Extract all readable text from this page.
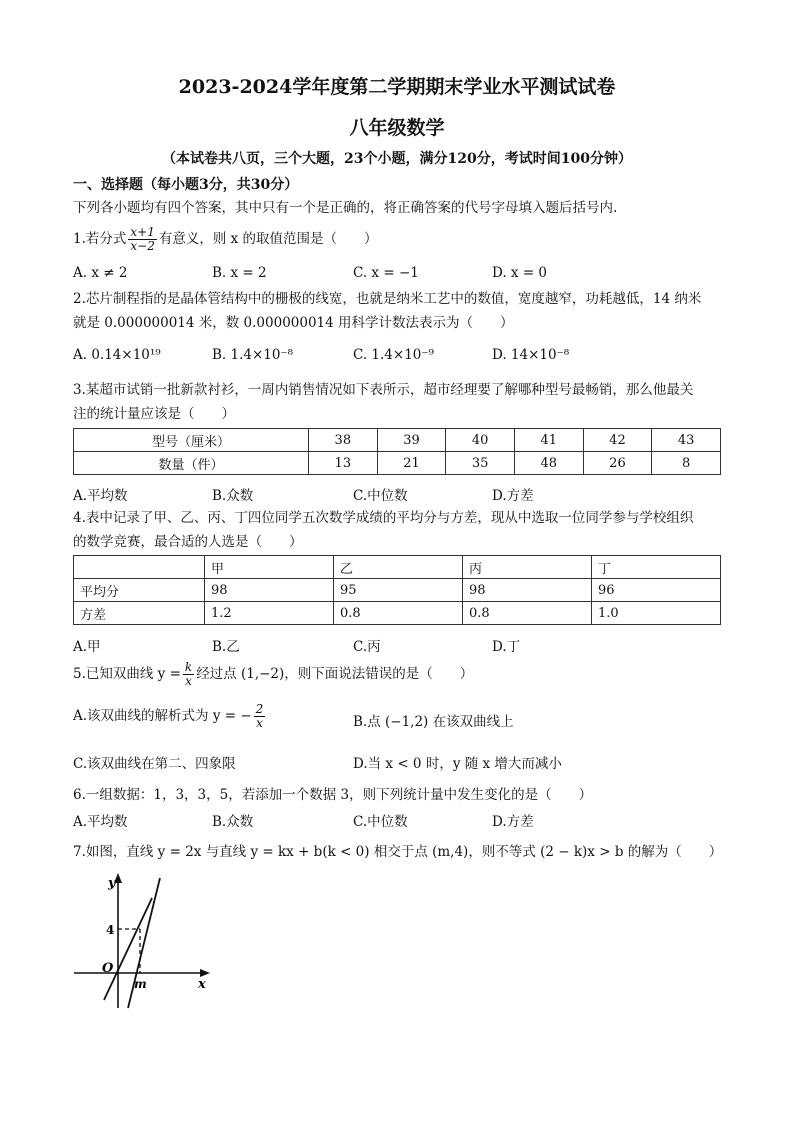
2023-2024学年度第二学期期末学业水平测试试卷
八年级数学
（本试卷共八页，三个大题，23个小题，满分120分，考试时间100分钟）
一、选择题（每小题3分，共30分）
下列各小题均有四个答案，其中只有一个是正确的，将正确答案的代号字母填入题后括号内.
1.若分式 $\frac{x+1}{x-2}$ 有意义，则 x 的取值范围是（　　）
A. x ≠ 2	B. x = 2	C. x = −1	D. x = 0
2.芯片制程指的是晶体管结构中的栅极的线宽，也就是纳米工艺中的数值，宽度越窄，功耗越低，14 纳米
就是 0.000000014 米，数 0.000000014 用科学计数法表示为（　　）
A. 0.14×10¹⁹	B. 1.4×10⁻⁸	C. 1.4×10⁻⁹	D. 14×10⁻⁸
3.某超市试销一批新款衬衫，一周内销售情况如下表所示，超市经理要了解哪种型号最畅销，那么他最关
注的统计量应该是（　　）
型号（厘米）	38	39	40	41	42	43
数量（件）	13	21	35	48	26	8
A.平均数	B.众数	C.中位数	D.方差
4.表中记录了甲、乙、丙、丁四位同学五次数学成绩的平均分与方差，现从中选取一位同学参与学校组织
的数学竞赛，最合适的人选是（　　）
	甲	乙	丙	丁
平均分	98	95	98	96
方差	1.2	0.8	0.8	1.0
A.甲	B.乙	C.丙	D.丁
5.已知双曲线 $y = \frac{k}{x}$ 经过点 (1,−2)，则下面说法错误的是（　　）
A.该双曲线的解析式为 y = − $\frac{2}{x}$	B.点 (−1,2) 在该双曲线上
C.该双曲线在第二、四象限	D.当 x < 0 时，y 随 x 增大而减小
6.一组数据：1，3，3，5，若添加一个数据 3，则下列统计量中发生变化的是（　　）
A.平均数	B.众数	C.中位数	D.方差
7.如图，直线 y = 2x 与直线 y = kx + b(k < 0) 相交于点 (m,4)，则不等式 (2 − k)x > b 的解为（　　）
y
x
O
4
m
